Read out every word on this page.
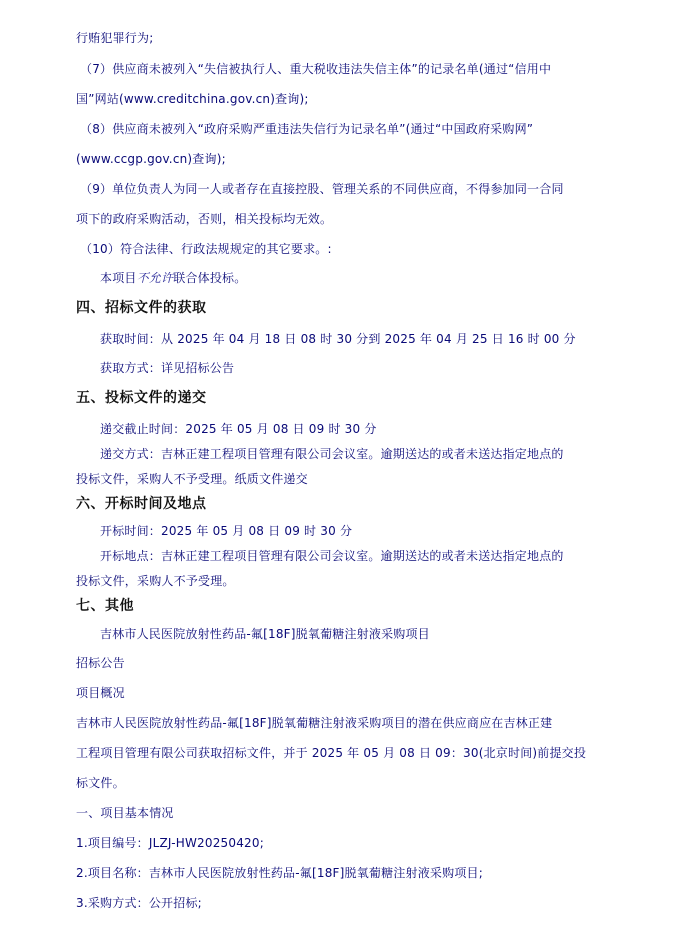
行贿犯罪行为;
（7）供应商未被列入“失信被执行人、重大税收违法失信主体”的记录名单(通过“信用中
国”网站(www.creditchina.gov.cn)查询);
（8）供应商未被列入“政府采购严重违法失信行为记录名单”(通过“中国政府采购网”
(www.ccgp.gov.cn)查询);
（9）单位负责人为同一人或者存在直接控股、管理关系的不同供应商，不得参加同一合同
项下的政府采购活动，否则，相关投标均无效。
（10）符合法律、行政法规规定的其它要求。:
本项目不允许联合体投标。
四、招标文件的获取
获取时间：从 2025 年 04 月 18 日 08 时 30 分到 2025 年 04 月 25 日 16 时 00 分
获取方式：详见招标公告
五、投标文件的递交
递交截止时间：2025 年 05 月 08 日 09 时 30 分
递交方式：吉林正建工程项目管理有限公司会议室。逾期送达的或者未送达指定地点的
投标文件，采购人不予受理。纸质文件递交
六、开标时间及地点
开标时间：2025 年 05 月 08 日 09 时 30 分
开标地点：吉林正建工程项目管理有限公司会议室。逾期送达的或者未送达指定地点的
投标文件，采购人不予受理。
七、其他
吉林市人民医院放射性药品-氟[18F]脱氧葡糖注射液采购项目
招标公告
项目概况
吉林市人民医院放射性药品-氟[18F]脱氧葡糖注射液采购项目的潜在供应商应在吉林正建
工程项目管理有限公司获取招标文件，并于 2025 年 05 月 08 日 09：30(北京时间)前提交投
标文件。
一、项目基本情况
1.项目编号：JLZJ-HW20250420;
2.项目名称：吉林市人民医院放射性药品-氟[18F]脱氧葡糖注射液采购项目;
3.采购方式：公开招标;
